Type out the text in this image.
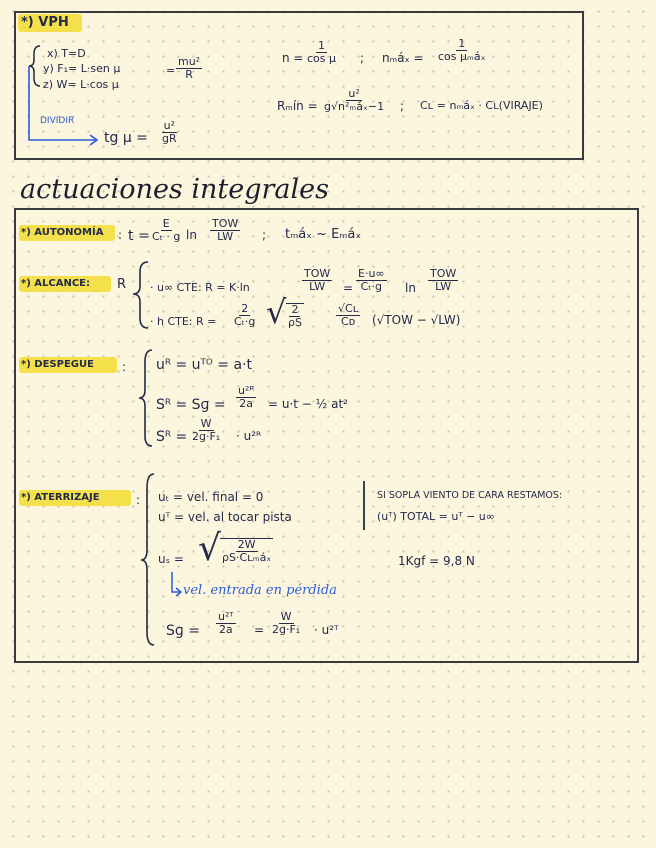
*) VPH
x) T=D
y) F₁= L·sen μ	= $\frac{\text{mu²}}{R}$
z) W= L·cos μ
DIVIDIR
tg $\mu = \frac{\text{u²}}{gR}$
$n = \frac{1}{\text{cos μ}}$ ; nₘáₓ =
1
cos μₘáₓ
Rₘín =
u²
g√n²ₘáₓ−1 ; Cʟ = nₘáₓ · Cʟ(VIRAJE)
actuaciones integrales
*) AUTONOMÍA : $t = \frac{E}{\text{Cₜ · g}}$ ln
TOW
LW ; tₘáₓ ~ Eₘáₓ
*) ALCANCE: R · u∞ CTE: R = K·ln
TOW
LW = $\frac{E\cdot u\infty}{\text{Cₜ·g}}$ ln
TOW
LW
· h CTE: $R = \frac{2}{\text{Cₜ·g}}$ √ $\frac{2}{\rho S}$	$\frac{\text{√Cʟ}}{\text{Cᴅ}} (√TOW - √LW)$
*) DESPEGUE : uᴿ = uᵀᴼ = a·t
Sᴿ = Sɡ = $\frac{\text{u²ᴿ}}{2a} = u\cdot t$ − ½ at²
Sᴿ = $\frac{W}{\text{2g·F₁}}$ · u²ᴿ
*) ATERRIZAJE	: uₜ = vel. final = 0
uᵀ = vel. al tocar pista
SI SOPLA VIENTO DE CARA RESTAMOS:
(uᵀ) TOTAL = uᵀ − u∞
uₛ = √ 2W
ρS·Cʟₘáₓ	1Kgf = 9,8 N
vel. entrada en pérdida
Sɡ = $\frac{\text{u²ᵀ}}{2a} = \frac{W}{\text{2g·F₁}}$ · u²ᵀ
